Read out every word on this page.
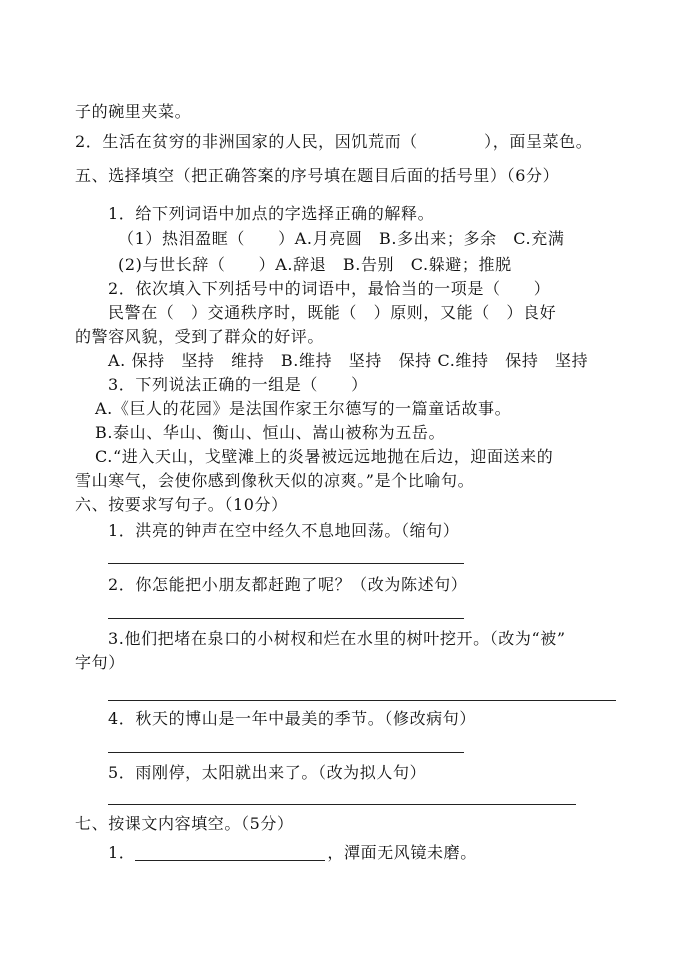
子的碗里夹菜。
2．生活在贫穷的非洲国家的人民，因饥荒而（　　　　），面呈菜色。
五、选择填空（把正确答案的序号填在题目后面的括号里）（6分）
1．给下列词语中加点的字选择正确的解释。
（1）热泪盈眶（　　）A.月亮圆　B.多出来；多余　C.充满
(2)与世长辞（　　）A.辞退　B.告别　C.躲避；推脱
2．依次填入下列括号中的词语中，最恰当的一项是（　　）
民警在（　）交通秩序时，既能（　）原则，又能（　）良好
的警容风貌，受到了群众的好评。
A. 保持　坚持　维持　B.维持　坚持　保持 C.维持　保持　坚持
3．下列说法正确的一组是（　　）
A.《巨人的花园》是法国作家王尔德写的一篇童话故事。
B.泰山、华山、衡山、恒山、嵩山被称为五岳。
C.“进入天山，戈壁滩上的炎暑被远远地抛在后边，迎面送来的
雪山寒气，会使你感到像秋天似的凉爽。”是个比喻句。
六、按要求写句子。（10分）
1．洪亮的钟声在空中经久不息地回荡。（缩句）
2．你怎能把小朋友都赶跑了呢？（改为陈述句）
3.他们把堵在泉口的小树杈和烂在水里的树叶挖开。（改为“被”
字句）
4．秋天的博山是一年中最美的季节。（修改病句）
5．雨刚停，太阳就出来了。（改为拟人句）
七、按课文内容填空。（5分）
1．	，潭面无风镜未磨。
